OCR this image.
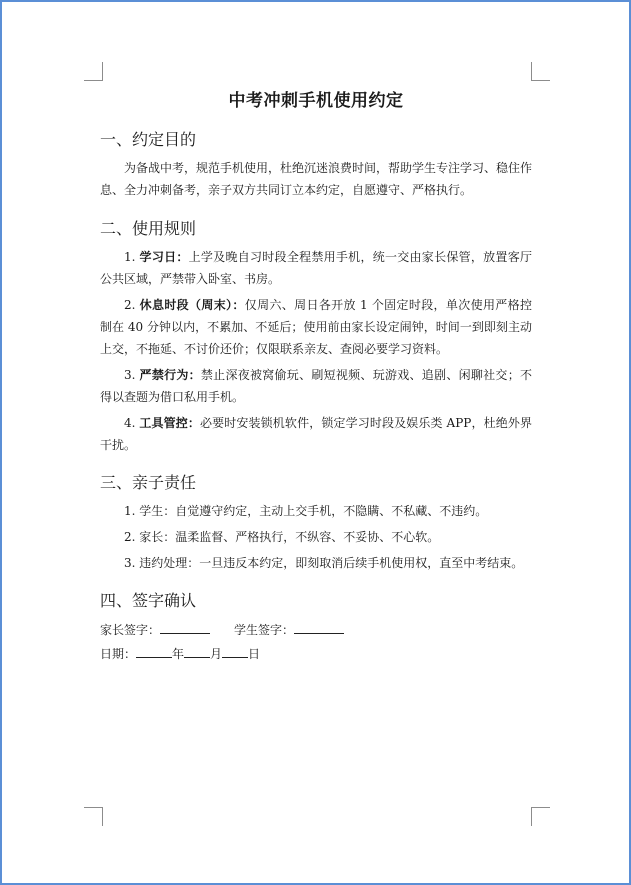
中考冲刺手机使用约定
一、约定目的

为备战中考，规范手机使用，杜绝沉迷浪费时间，帮助学生专注学习、稳住作息、全力冲刺备考，亲子双方共同订立本约定，自愿遵守、严格执行。

二、使用规则

1. 学习日：上学及晚自习时段全程禁用手机，统一交由家长保管，放置客厅公共区域，严禁带入卧室、书房。

2. 休息时段（周末）：仅周六、周日各开放 1 个固定时段，单次使用严格控制在 40 分钟以内，不累加、不延后；使用前由家长设定闹钟，时间一到即刻主动上交，不拖延、不讨价还价；仅限联系亲友、查阅必要学习资料。

3. 严禁行为：禁止深夜被窝偷玩、刷短视频、玩游戏、追剧、闲聊社交；不得以查题为借口私用手机。

4. 工具管控：必要时安装锁机软件，锁定学习时段及娱乐类 APP，杜绝外界干扰。

三、亲子责任

1. 学生：自觉遵守约定，主动上交手机，不隐瞒、不私藏、不违约。

2. 家长：温柔监督、严格执行，不纵容、不妥协、不心软。

3. 违约处理：一旦违反本约定，即刻取消后续手机使用权，直至中考结束。

四、签字确认
家长签字：	学生签字：
日期：	年 月 日
